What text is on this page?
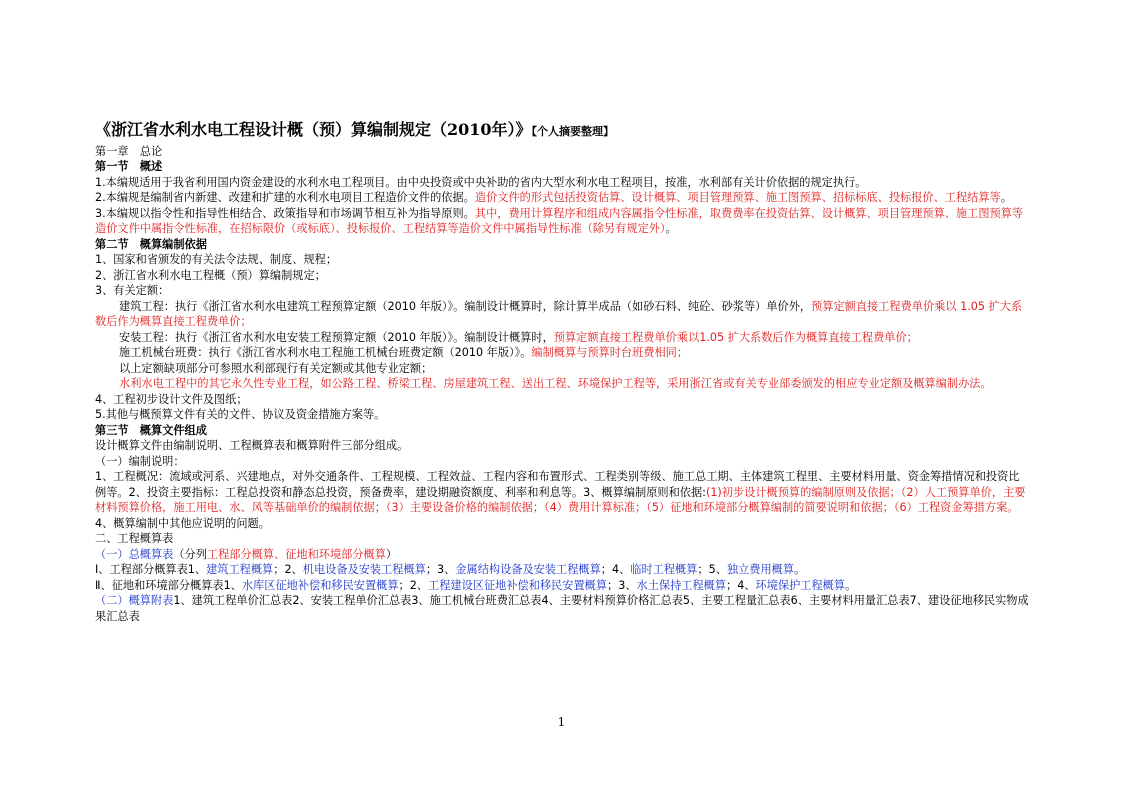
《浙江省水利水电工程设计概（预）算编制规定（2010年）》【个人摘要整理】

第一章　总论

第一节　概述

1.本编规适用于我省利用国内资金建设的水利水电工程项目。由中央投资或中央补助的省内大型水利水电工程项目，按准，水利部有关计价依据的规定执行。

2.本编规是编制省内新建、改建和扩建的水利水电项目工程造价文件的依据。造价文件的形式包括投资估算、设计概算、项目管理预算、施工图预算、招标标底、投标报价、工程结算等。

3.本编规以指令性和指导性相结合、政策指导和市场调节相互补为指导原则。其中，费用计算程序和组成内容属指令性标准，取费费率在投资估算、设计概算、项目管理预算、施工图预算等造价文件中属指令性标准，在招标限价（或标底）、投标报价、工程结算等造价文件中属指导性标准（除另有规定外）。

第二节　概算编制依据

1、国家和省颁发的有关法令法规、制度、规程；

2、浙江省水利水电工程概（预）算编制规定；

3、有关定额：

建筑工程：执行《浙江省水利水电建筑工程预算定额（2010 年版）》。编制设计概算时，除计算半成品（如砂石料、纯砼、砂浆等）单价外，预算定额直接工程费单价乘以 1.05 扩大系数后作为概算直接工程费单价；

安装工程：执行《浙江省水利水电安装工程预算定额（2010 年版）》。编制设计概算时，预算定额直接工程费单价乘以1.05 扩大系数后作为概算直接工程费单价；

施工机械台班费：执行《浙江省水利水电工程施工机械台班费定额（2010 年版）》。编制概算与预算时台班费相同；

以上定额缺项部分可参照水利部现行有关定额或其他专业定额；

水利水电工程中的其它永久性专业工程，如公路工程、桥梁工程、房屋建筑工程、送出工程、环境保护工程等，采用浙江省或有关专业部委颁发的相应专业定额及概算编制办法。

4、工程初步设计文件及图纸；

5.其他与概预算文件有关的文件、协议及资金措施方案等。

第三节　概算文件组成

设计概算文件由编制说明、工程概算表和概算附件三部分组成。

（一）编制说明：

1、工程概况：流域或河系、兴建地点，对外交通条件、工程规模、工程效益、工程内容和布置形式、工程类别等级、施工总工期、主体建筑工程里、主要材料用量、资金筹措情况和投资比例等。2、投资主要指标：工程总投资和静态总投资，预备费率，建设期融资额度、利率和利息等。3、概算编制原则和依据:(1)初步设计概预算的编制原则及依据；（2）人工预算单价，主要材料预算价格，施工用电、水、风等基础单价的编制依据；（3）主要设备价格的编制依据；（4）费用计算标准；（5）征地和环境部分概算编制的简要说明和依据；（6）工程资金筹措方案。

4、概算编制中其他应说明的问题。

二、工程概算表

（一）总概算表（分列工程部分概算、征地和环境部分概算）

Ⅰ、工程部分概算表1、建筑工程概算；2、机电设备及安装工程概算；3、金属结构设备及安装工程概算；4、临时工程概算；5、独立费用概算。

Ⅱ、征地和环境部分概算表1、水库区征地补偿和移民安置概算；2、工程建设区征地补偿和移民安置概算；3、水土保持工程概算；4、环境保护工程概算。

（二）概算附表1、建筑工程单价汇总表2、安装工程单价汇总表3、施工机械台班费汇总表4、主要材料预算价格汇总表5、主要工程量汇总表6、主要材料用量汇总表7、建设征地移民实物成果汇总表

1
